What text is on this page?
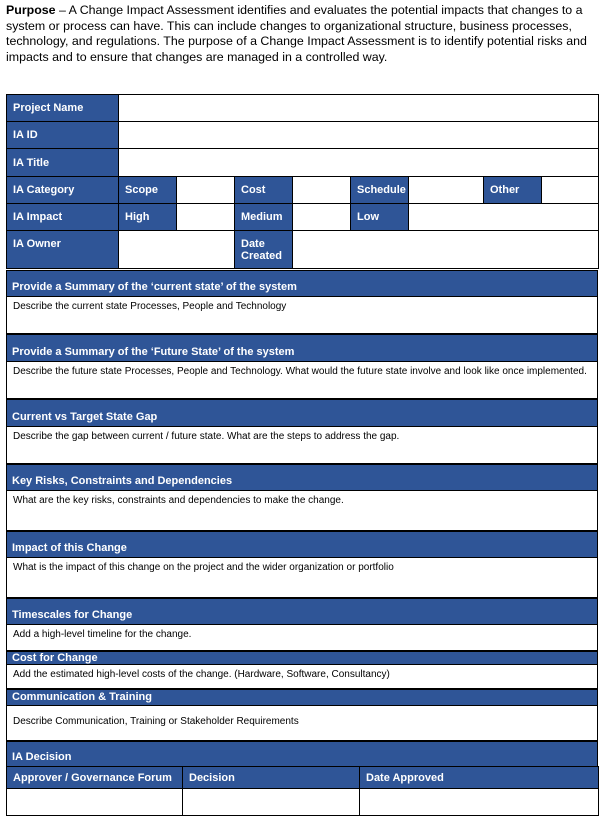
Purpose – A Change Impact Assessment identifies and evaluates the potential impacts that changes to a system or process can have. This can include changes to organizational structure, business processes, technology, and regulations. The purpose of a Change Impact Assessment is to identify potential risks and impacts and to ensure that changes are managed in a controlled way.
Project Name								
IA ID								
IA Title								
IA Category	Scope		Cost		Schedule		Other	
IA Impact	High		Medium		Low			
IA Owner			Date Created					
Provide a Summary of the ‘current state’ of the system
Describe the current state Processes, People and Technology
Provide a Summary of the ‘Future State’ of the system
Describe the future state Processes, People and Technology. What would the future state involve and look like once implemented.
Current vs Target State Gap
Describe the gap between current / future state. What are the steps to address the gap.
Key Risks, Constraints and Dependencies
What are the key risks, constraints and dependencies to make the change.
Impact of this Change
What is the impact of this change on the project and the wider organization or portfolio
Timescales for Change
Add a high-level timeline for the change.
Cost for Change
Add the estimated high-level costs of the change. (Hardware, Software, Consultancy)
Communication & Training
Describe Communication, Training or Stakeholder Requirements
IA Decision
Approver / Governance Forum	Decision	Date Approved
